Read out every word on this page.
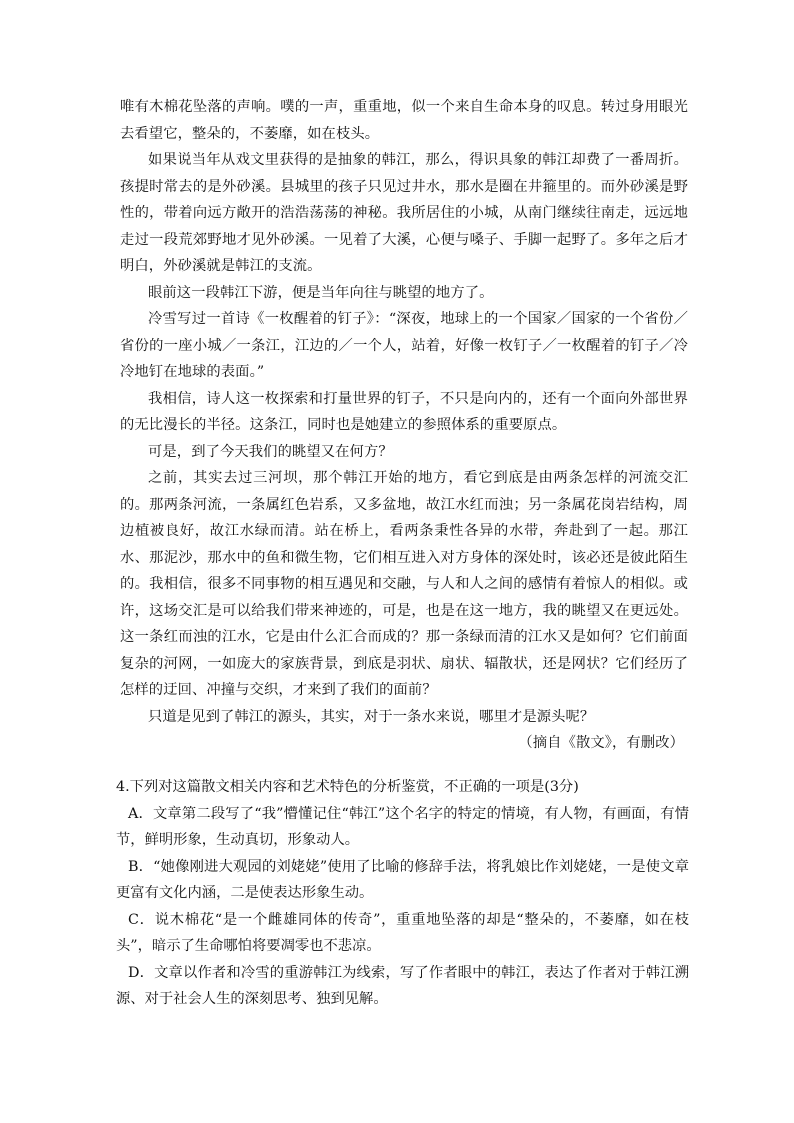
唯有木棉花坠落的声响。噗的一声，重重地，似一个来自生命本身的叹息。转过身用眼光去看望它，整朵的，不萎靡，如在枝头。

如果说当年从戏文里获得的是抽象的韩江，那么，得识具象的韩江却费了一番周折。孩提时常去的是外砂溪。县城里的孩子只见过井水，那水是圈在井箍里的。而外砂溪是野性的，带着向远方敞开的浩浩荡荡的神秘。我所居住的小城，从南门继续往南走，远远地走过一段荒郊野地才见外砂溪。一见着了大溪，心便与嗓子、手脚一起野了。多年之后才明白，外砂溪就是韩江的支流。

眼前这一段韩江下游，便是当年向往与眺望的地方了。

冷雪写过一首诗《一枚醒着的钉子》：“深夜，地球上的一个国家／国家的一个省份／省份的一座小城／一条江，江边的／一个人，站着，好像一枚钉子／一枚醒着的钉子／冷冷地钉在地球的表面。”

我相信，诗人这一枚探索和打量世界的钉子，不只是向内的，还有一个面向外部世界的无比漫长的半径。这条江，同时也是她建立的参照体系的重要原点。

可是，到了今天我们的眺望又在何方？

之前，其实去过三河坝，那个韩江开始的地方，看它到底是由两条怎样的河流交汇的。那两条河流，一条属红色岩系，又多盆地，故江水红而浊；另一条属花岗岩结构，周边植被良好，故江水绿而清。站在桥上，看两条秉性各异的水带，奔赴到了一起。那江水、那泥沙，那水中的鱼和微生物，它们相互进入对方身体的深处时，该必还是彼此陌生的。我相信，很多不同事物的相互遇见和交融，与人和人之间的感情有着惊人的相似。或许，这场交汇是可以给我们带来神迹的，可是，也是在这一地方，我的眺望又在更远处。这一条红而浊的江水，它是由什么汇合而成的？那一条绿而清的江水又是如何？它们前面复杂的河网，一如庞大的家族背景，到底是羽状、扇状、辐散状，还是网状？它们经历了怎样的迂回、冲撞与交织，才来到了我们的面前？

只道是见到了韩江的源头，其实，对于一条水来说，哪里才是源头呢？

（摘自《散文》，有删改）

4.下列对这篇散文相关内容和艺术特色的分析鉴赏，不正确的一项是(3分)

A．文章第二段写了“我”懵懂记住“韩江”这个名字的特定的情境，有人物，有画面，有情节，鲜明形象，生动真切，形象动人。

B．“她像刚进大观园的刘姥姥”使用了比喻的修辞手法，将乳娘比作刘姥姥，一是使文章更富有文化内涵，二是使表达形象生动。

C．说木棉花“是一个雌雄同体的传奇”，重重地坠落的却是“整朵的，不萎靡，如在枝头”，暗示了生命哪怕将要凋零也不悲凉。

D．文章以作者和冷雪的重游韩江为线索，写了作者眼中的韩江，表达了作者对于韩江溯源、对于社会人生的深刻思考、独到见解。
